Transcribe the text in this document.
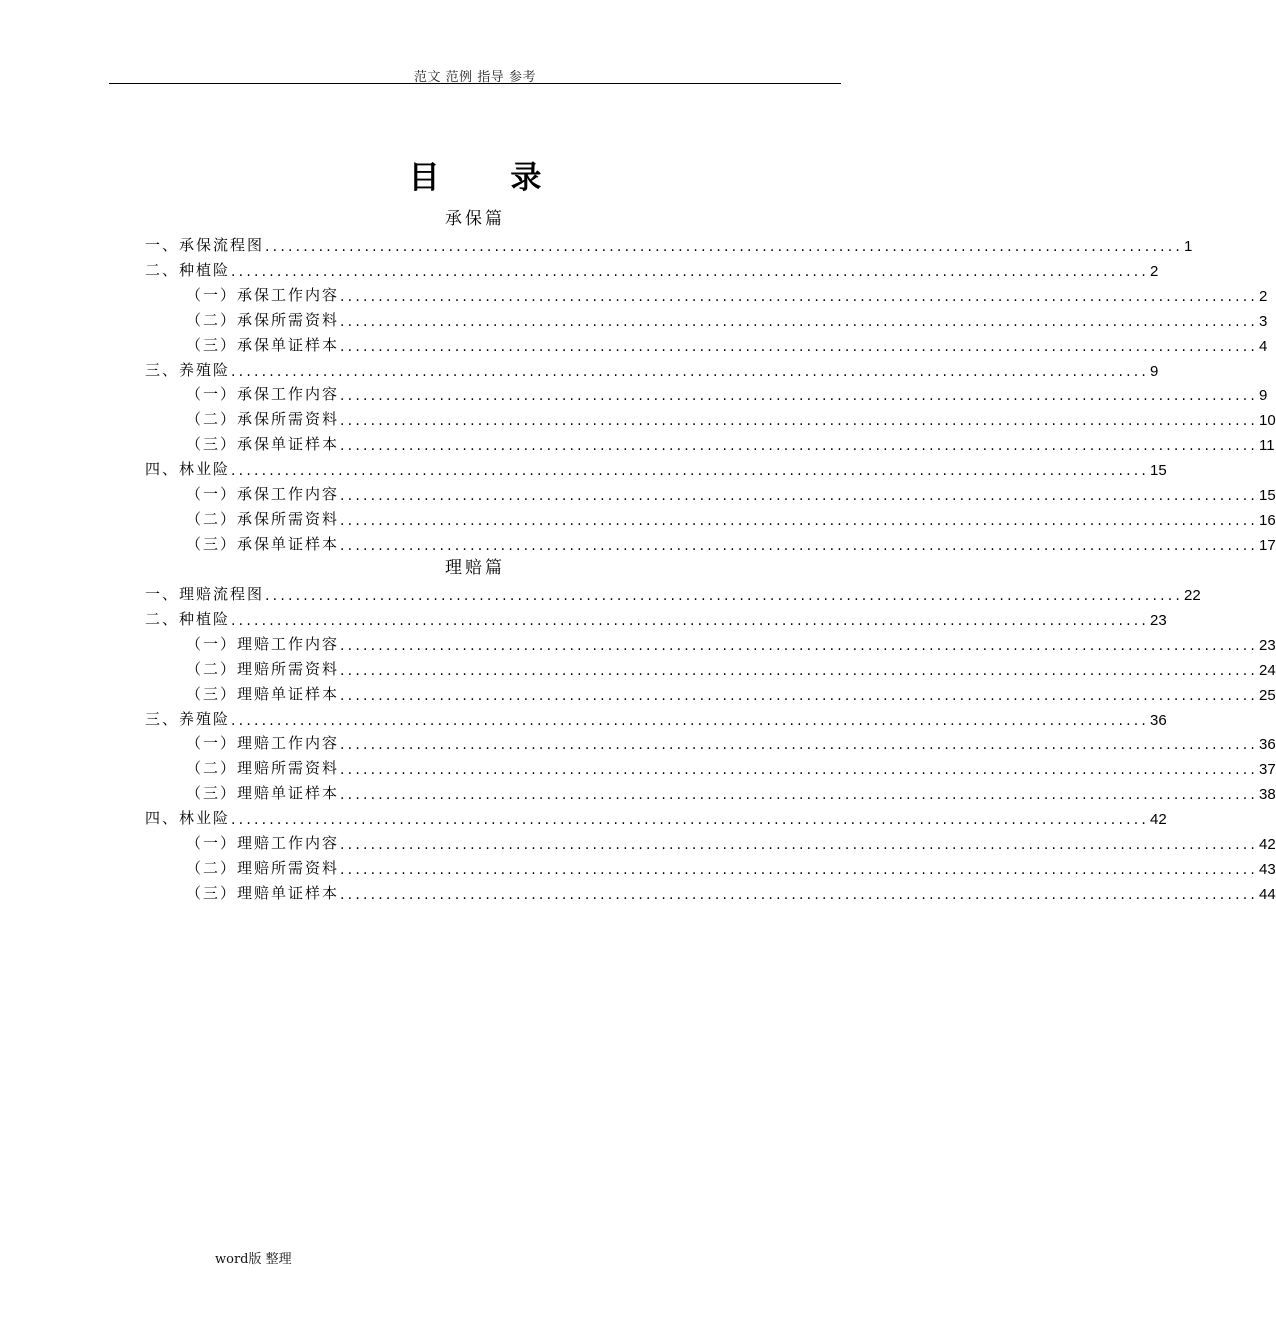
范文 范例 指导 参考
目 录
承保篇
一、承保流程图 ........................................................................................................................ 1
二、种植险 ........................................................................................................................ 2
（一）承保工作内容 ........................................................................................................................ 2
（二）承保所需资料 ........................................................................................................................ 3
（三）承保单证样本 ........................................................................................................................ 4
三、养殖险 ........................................................................................................................ 9
（一）承保工作内容 ........................................................................................................................ 9
（二）承保所需资料 ........................................................................................................................ 10
（三）承保单证样本 ........................................................................................................................ 11
四、林业险 ........................................................................................................................ 15
（一）承保工作内容 ........................................................................................................................ 15
（二）承保所需资料 ........................................................................................................................ 16
（三）承保单证样本 ........................................................................................................................ 17
理赔篇
一、理赔流程图 ........................................................................................................................ 22
二、种植险 ........................................................................................................................ 23
（一）理赔工作内容 ........................................................................................................................ 23
（二）理赔所需资料 ........................................................................................................................ 24
（三）理赔单证样本 ........................................................................................................................ 25
三、养殖险 ........................................................................................................................ 36
（一）理赔工作内容 ........................................................................................................................ 36
（二）理赔所需资料 ........................................................................................................................ 37
（三）理赔单证样本 ........................................................................................................................ 38
四、林业险 ........................................................................................................................ 42
（一）理赔工作内容 ........................................................................................................................ 42
（二）理赔所需资料 ........................................................................................................................ 43
（三）理赔单证样本 ........................................................................................................................ 44
word版 整理
